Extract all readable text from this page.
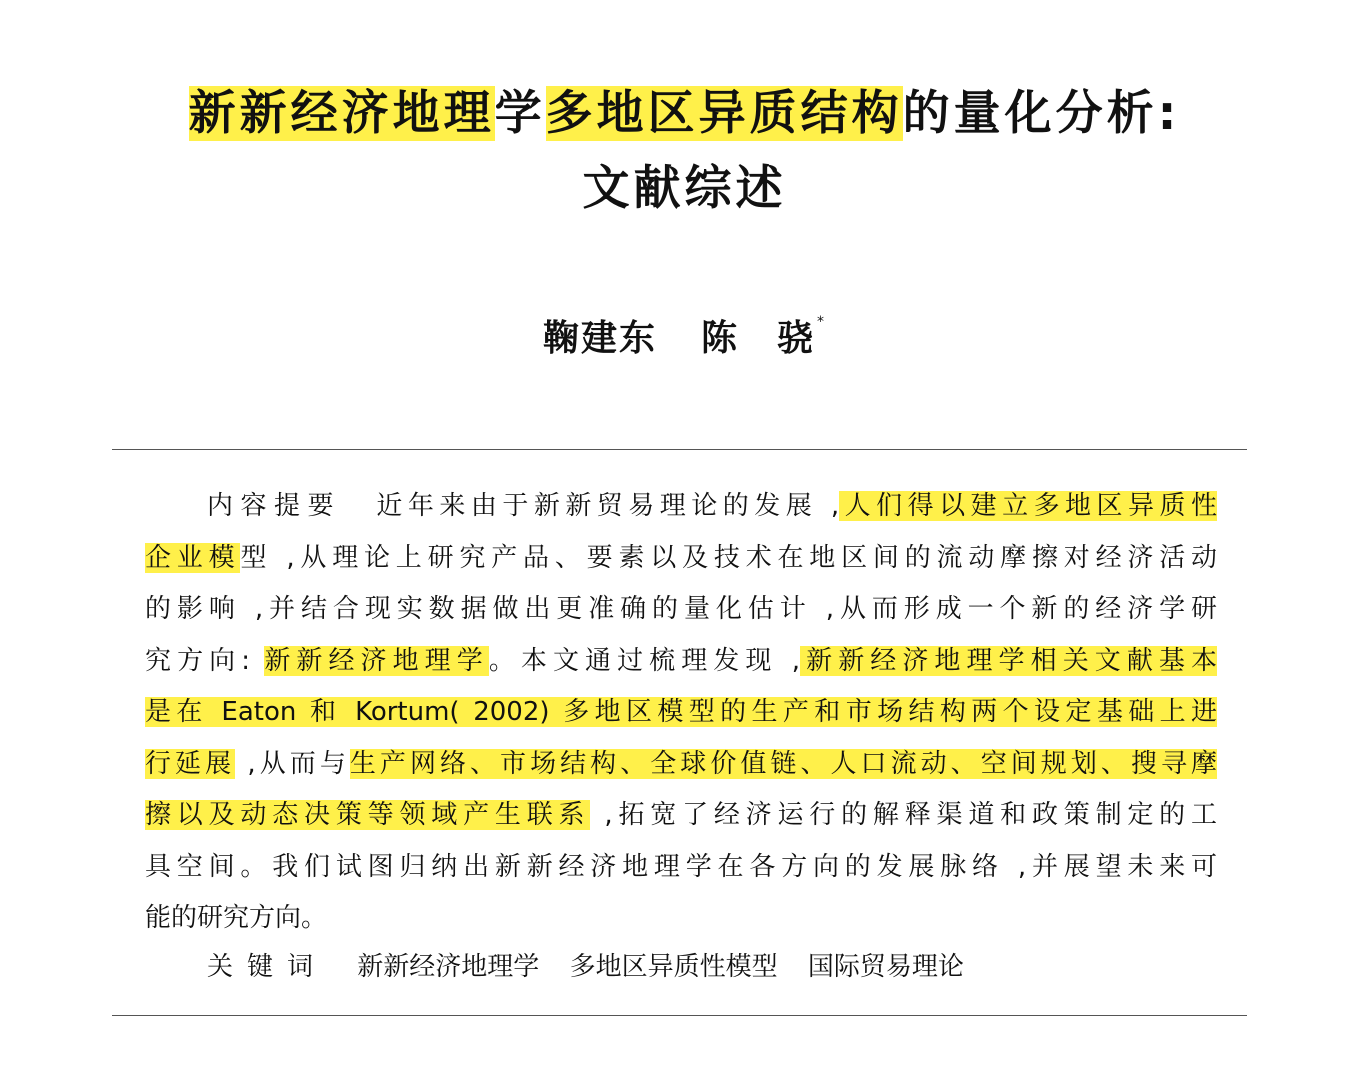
新新经济地理学多地区异质结构的量化分析:
文献综述
鞠建东 陈　骁 *
内容提要 近年来由于新新贸易理论的发展 ,人们得以建立多地区异质性
企业模型 ,从理论上研究产品、要素以及技术在地区间的流动摩擦对经济活动
的影响 ,并结合现实数据做出更准确的量化估计 ,从而形成一个新的经济学研
究方向: 新新经济地理学。本文通过梳理发现 ,新新经济地理学相关文献基本
是在 Eaton 和 Kortum( 2002) 多地区模型的生产和市场结构两个设定基础上进
行延展 ,从而与生产网络、市场结构、全球价值链、人口流动、空间规划、搜寻摩
擦以及动态决策等领域产生联系 ,拓宽了经济运行的解释渠道和政策制定的工
具空间。我们试图归纳出新新经济地理学在各方向的发展脉络 ,并展望未来可
能的研究方向。
关键词 新新经济地理学 多地区异质性模型 国际贸易理论
